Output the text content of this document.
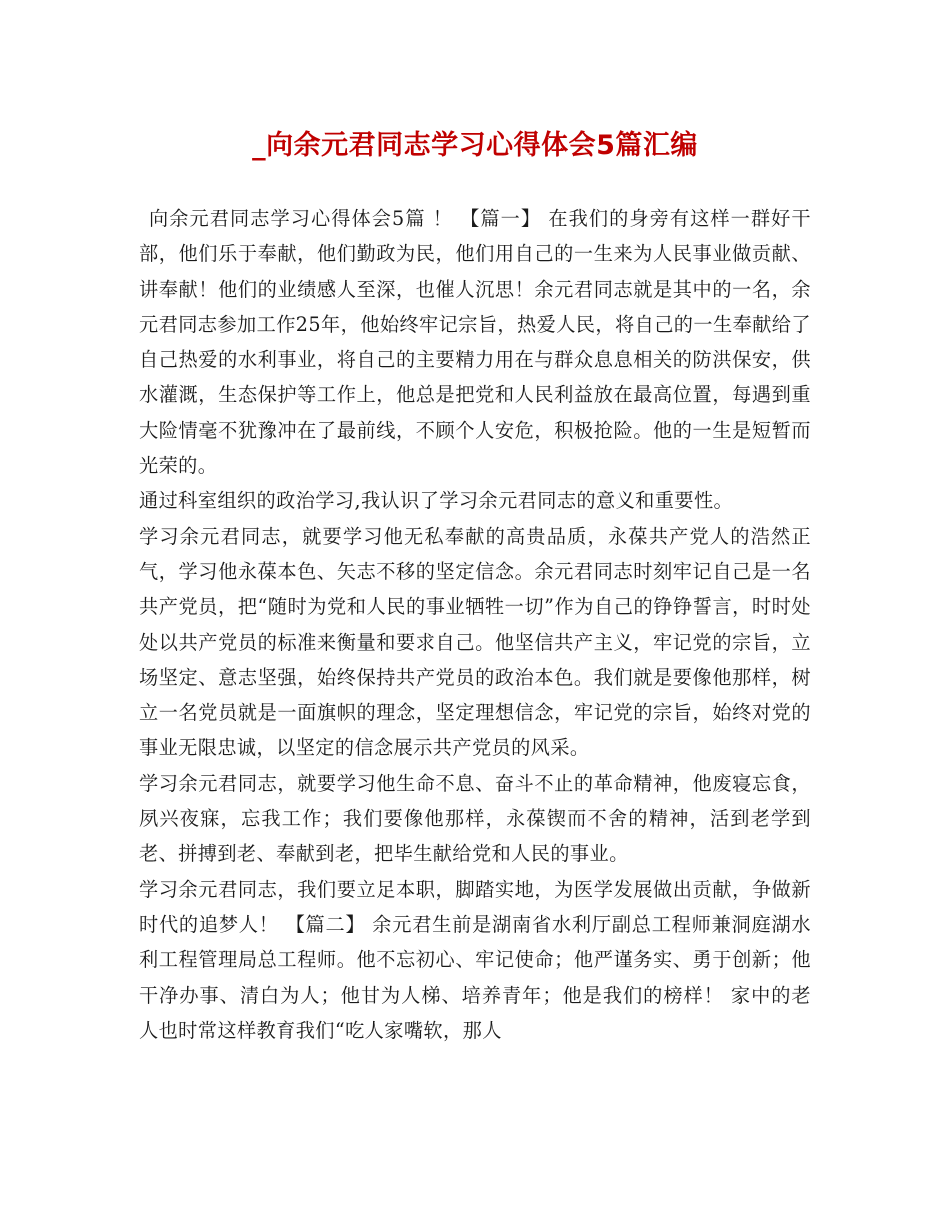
_向余元君同志学习心得体会5篇汇编

向余元君同志学习心得体会5篇 ！ 【篇一】 在我们的身旁有这样一群好干部，他们乐于奉献，他们勤政为民，他们用自己的一生来为人民事业做贡献、讲奉献！他们的业绩感人至深，也催人沉思！余元君同志就是其中的一名，余元君同志参加工作25年，他始终牢记宗旨，热爱人民，将自己的一生奉献给了自己热爱的水利事业，将自己的主要精力用在与群众息息相关的防洪保安，供水灌溉，生态保护等工作上，他总是把党和人民利益放在最高位置，每遇到重大险情毫不犹豫冲在了最前线，不顾个人安危，积极抢险。他的一生是短暂而光荣的。

通过科室组织的政治学习,我认识了学习余元君同志的意义和重要性。

学习余元君同志，就要学习他无私奉献的高贵品质，永葆共产党人的浩然正气，学习他永葆本色、矢志不移的坚定信念。余元君同志时刻牢记自己是一名共产党员，把“随时为党和人民的事业牺牲一切”作为自己的铮铮誓言，时时处处以共产党员的标准来衡量和要求自己。他坚信共产主义，牢记党的宗旨，立场坚定、意志坚强，始终保持共产党员的政治本色。我们就是要像他那样，树立一名党员就是一面旗帜的理念，坚定理想信念，牢记党的宗旨，始终对党的事业无限忠诚，以坚定的信念展示共产党员的风采。

学习余元君同志，就要学习他生命不息、奋斗不止的革命精神，他废寝忘食，夙兴夜寐，忘我工作；我们要像他那样，永葆锲而不舍的精神，活到老学到老、拼搏到老、奉献到老，把毕生献给党和人民的事业。

学习余元君同志，我们要立足本职，脚踏实地，为医学发展做出贡献，争做新时代的追梦人！ 【篇二】 余元君生前是湖南省水利厅副总工程师兼洞庭湖水利工程管理局总工程师。他不忘初心、牢记使命；他严谨务实、勇于创新；他干净办事、清白为人；他甘为人梯、培养青年；他是我们的榜样！ 家中的老人也时常这样教育我们“吃人家嘴软，那人
